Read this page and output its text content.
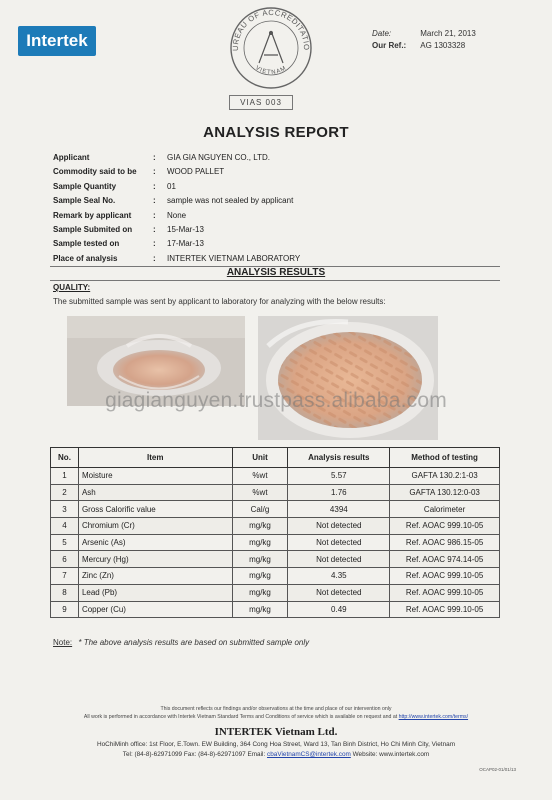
Intertek	UREAU OF ACCREDITATIO
VIETNAM
VIAS 003
Date:	March 21, 2013
Our Ref.: AG 1303328
ANALYSIS REPORT
Applicant	: GIA GIA NGUYEN CO., LTD.
Commodity said to be	: WOOD PALLET
Sample Quantity	: 01
Sample Seal No.	: sample was not sealed by applicant
Remark by applicant	: None
Sample Submited on	: 15-Mar-13
Sample tested on	: 17-Mar-13
Place of analysis	: INTERTEK VIETNAM LABORATORY
ANALYSIS RESULTS
QUALITY:
The submitted sample was sent by applicant to laboratory for analyzing with the below results:
giagianguyen.trustpass.alibaba.com
No.	Item	Unit	Analysis results	Method of testing
1	Moisture	%wt	5.57	GAFTA 130.2:1-03
2	Ash	%wt	1.76	GAFTA 130.12:0-03
3	Gross Calorific value	Cal/g	4394	Calorimeter
4	Chromium (Cr)	mg/kg	Not detected	Ref. AOAC 999.10-05
5	Arsenic (As)	mg/kg	Not detected	Ref. AOAC 986.15-05
6	Mercury (Hg)	mg/kg	Not detected	Ref. AOAC 974.14-05
7	Zinc (Zn)	mg/kg	4.35	Ref. AOAC 999.10-05
8	Lead (Pb)	mg/kg	Not detected	Ref. AOAC 999.10-05
9	Copper (Cu)	mg/kg	0.49	Ref. AOAC 999.10-05
Note: * The above analysis results are based on submitted sample only
This document reflects our findings and/or observations at the time and place of our intervention only
All work is performed in accordance with Intertek Vietnam Standard Terms and Conditions of service which is available on request and at http://www.intertek.com/terms/
INTERTEK Vietnam Ltd.
HoChiMinh office: 1st Floor, E.Town. EW Building, 364 Cong Hoa Street, Ward 13, Tan Binh District, Ho Chi Minh City, Vietnam
Tel: (84-8)-62971099 Fax: (84-8)-62971097 Email: cbaVietnamCS@intertek.com Website: www.intertek.com
OCAP02-01/01/13
